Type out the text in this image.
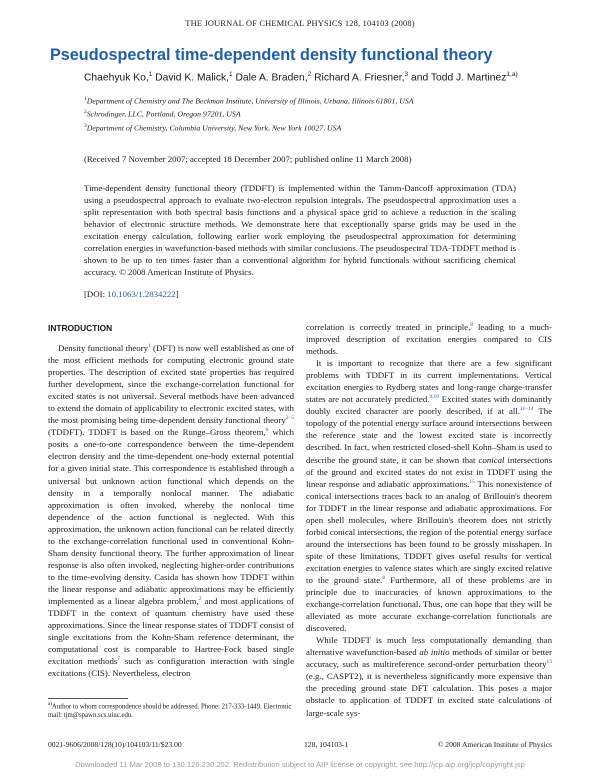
THE JOURNAL OF CHEMICAL PHYSICS 128, 104103 (2008)
Pseudospectral time-dependent density functional theory
Chaehyuk Ko,$^1$ David K. Malick,$^1$ Dale A. Braden,$^2$ Richard A. Friesner,$^3$ and Todd J. Martinez$^{1,a)}$
$^1$Department of Chemistry and The Beckman Institute, University of Illinois, Urbana, Illinois 61801, USA
$^2$Schrodinger, LLC, Portland, Oregon 97201, USA
$^3$Department of Chemistry, Columbia University, New York, New York 10027, USA
(Received 7 November 2007; accepted 18 December 2007; published online 11 March 2008)
Time-dependent density functional theory (TDDFT) is implemented within the Tamm-Dancoff approximation (TDA) using a pseudospectral approach to evaluate two-electron repulsion integrals. The pseudospectral approximation uses a split representation with both spectral basis functions and a physical space grid to achieve a reduction in the scaling behavior of electronic structure methods. We demonstrate here that exceptionally sparse grids may be used in the excitation energy calculation, following earlier work employing the pseudospectral approximation for determining correlation energies in wavefunction-based methods with similar conclusions. The pseudospectral TDA-TDDFT method is shown to be up to ten times faster than a conventional algorithm for hybrid functionals without sacrificing chemical accuracy. © 2008 American Institute of Physics.
[DOI: 10.1063/1.2834222]
INTRODUCTION

Density functional theory$^1$ (DFT) is now well established as one of the most efficient methods for computing electronic ground state properties. The description of excited state properties has required further development, since the exchange-correlation functional for excited states is not universal. Several methods have been advanced to extend the domain of applicability to electronic excited states, with the most promising being time-dependent density functional theory$^{2-5}$ (TDDFT). TDDFT is based on the Runge–Gross theorem,$^6$ which posits a one-to-one correspondence between the time-dependent electron density and the time-dependent one-body external potential for a given initial state. This correspondence is established through a universal but unknown action functional which depends on the density in a temporally nonlocal manner. The adiabatic approximation is often invoked, whereby the nonlocal time dependence of the action functional is neglected. With this approximation, the unknown action functional can be related directly to the exchange-correlation functional used in conventional Kohn-Sham density functional theory. The further approximation of linear response is also often invoked, neglecting higher-order contributions to the time-evolving density. Casida has shown how TDDFT within the linear response and adiabatic approximations may be efficiently implemented as a linear algebra problem,$^2$ and most applications of TDDFT in the context of quantum chemistry have used these approximations. Since the linear response states of TDDFT consist of single excitations from the Kohn-Sham reference determinant, the computational cost is comparable to Hartree-Fock based single excitation methods$^7$ such as configuration interaction with single excitations (CIS). Nevertheless, electron

correlation is correctly treated in principle,$^8$ leading to a much-improved description of excitation energies compared to CIS methods.

It is important to recognize that there are a few significant problems with TDDFT in its current implementations. Vertical excitation energies to Rydberg states and long-range charge-transfer states are not accurately predicted.$^{9,10}$ Excited states with dominantly doubly excited character are poorly described, if at all.$^{11-14}$ The topology of the potential energy surface around intersections between the reference state and the lowest excited state is incorrectly described. In fact, when restricted closed-shell Kohn–Sham is used to describe the ground state, it can be shown that conical intersections of the ground and excited states do not exist in TDDFT using the linear response and adiabatic approximations.$^{15}$ This nonexistence of conical intersections traces back to an analog of Brillouin's theorem for TDDFT in the linear response and adiabatic approximations. For open shell molecules, where Brillouin's theorem does not strictly forbid conical intersections, the region of the potential energy surface around the intersections has been found to be grossly misshapen. In spite of these limitations, TDDFT gives useful results for vertical excitation energies to valence states which are singly excited relative to the ground state.$^8$ Furthermore, all of these problems are in principle due to inaccuracies of known approximations to the exchange-correlation functional. Thus, one can hope that they will be alleviated as more accurate exchange-correlation functionals are discovered.

While TDDFT is much less computationally demanding than alternative wavefunction-based ab initio methods of similar or better accuracy, such as multireference second-order perturbation theory$^{13}$ (e.g., CASPT2), it is nevertheless significantly more expensive than the preceding ground state DFT calculation. This poses a major obstacle to application of TDDFT in excited state calculations of large-scale sys-

$^{a)}$Author to whom correspondence should be addressed. Phone: 217-333-1449. Electronic mail: tjm@spawn.scs.uiuc.edu.
0021-9606/2008/128(10)/104103/11/$23.00	128, 104103-1	© 2008 American Institute of Physics
Downloaded 11 Mar 2008 to 130.126.230.252. Redistribution subject to AIP license or copyright; see http://jcp.aip.org/jcp/copyright.jsp
